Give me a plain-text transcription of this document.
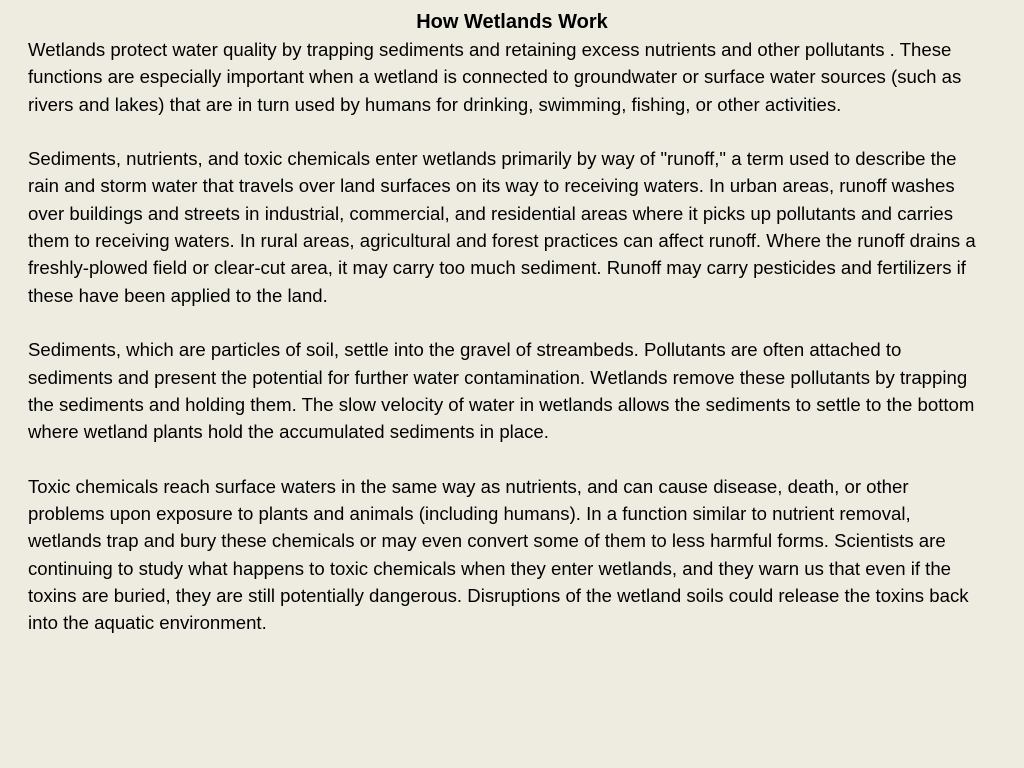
How Wetlands Work

Wetlands protect water quality by trapping sediments and retaining excess nutrients and other pollutants . These functions are especially important when a wetland is connected to groundwater or surface water sources (such as rivers and lakes) that are in turn used by humans for drinking, swimming, fishing, or other activities.

Sediments, nutrients, and toxic chemicals enter wetlands primarily by way of "runoff," a term used to describe the rain and storm water that travels over land surfaces on its way to receiving waters. In urban areas, runoff washes over buildings and streets in industrial, commercial, and residential areas where it picks up pollutants and carries them to receiving waters. In rural areas, agricultural and forest practices can affect runoff. Where the runoff drains a freshly-plowed field or clear-cut area, it may carry too much sediment. Runoff may carry pesticides and fertilizers if these have been applied to the land.

Sediments, which are particles of soil, settle into the gravel of streambeds. Pollutants are often attached to sediments and present the potential for further water contamination. Wetlands remove these pollutants by trapping the sediments and holding them. The slow velocity of water in wetlands allows the sediments to settle to the bottom where wetland plants hold the accumulated sediments in place.

Toxic chemicals reach surface waters in the same way as nutrients, and can cause disease, death, or other problems upon exposure to plants and animals (including humans). In a function similar to nutrient removal, wetlands trap and bury these chemicals or may even convert some of them to less harmful forms. Scientists are continuing to study what happens to toxic chemicals when they enter wetlands, and they warn us that even if the toxins are buried, they are still potentially dangerous. Disruptions of the wetland soils could release the toxins back into the aquatic environment.
